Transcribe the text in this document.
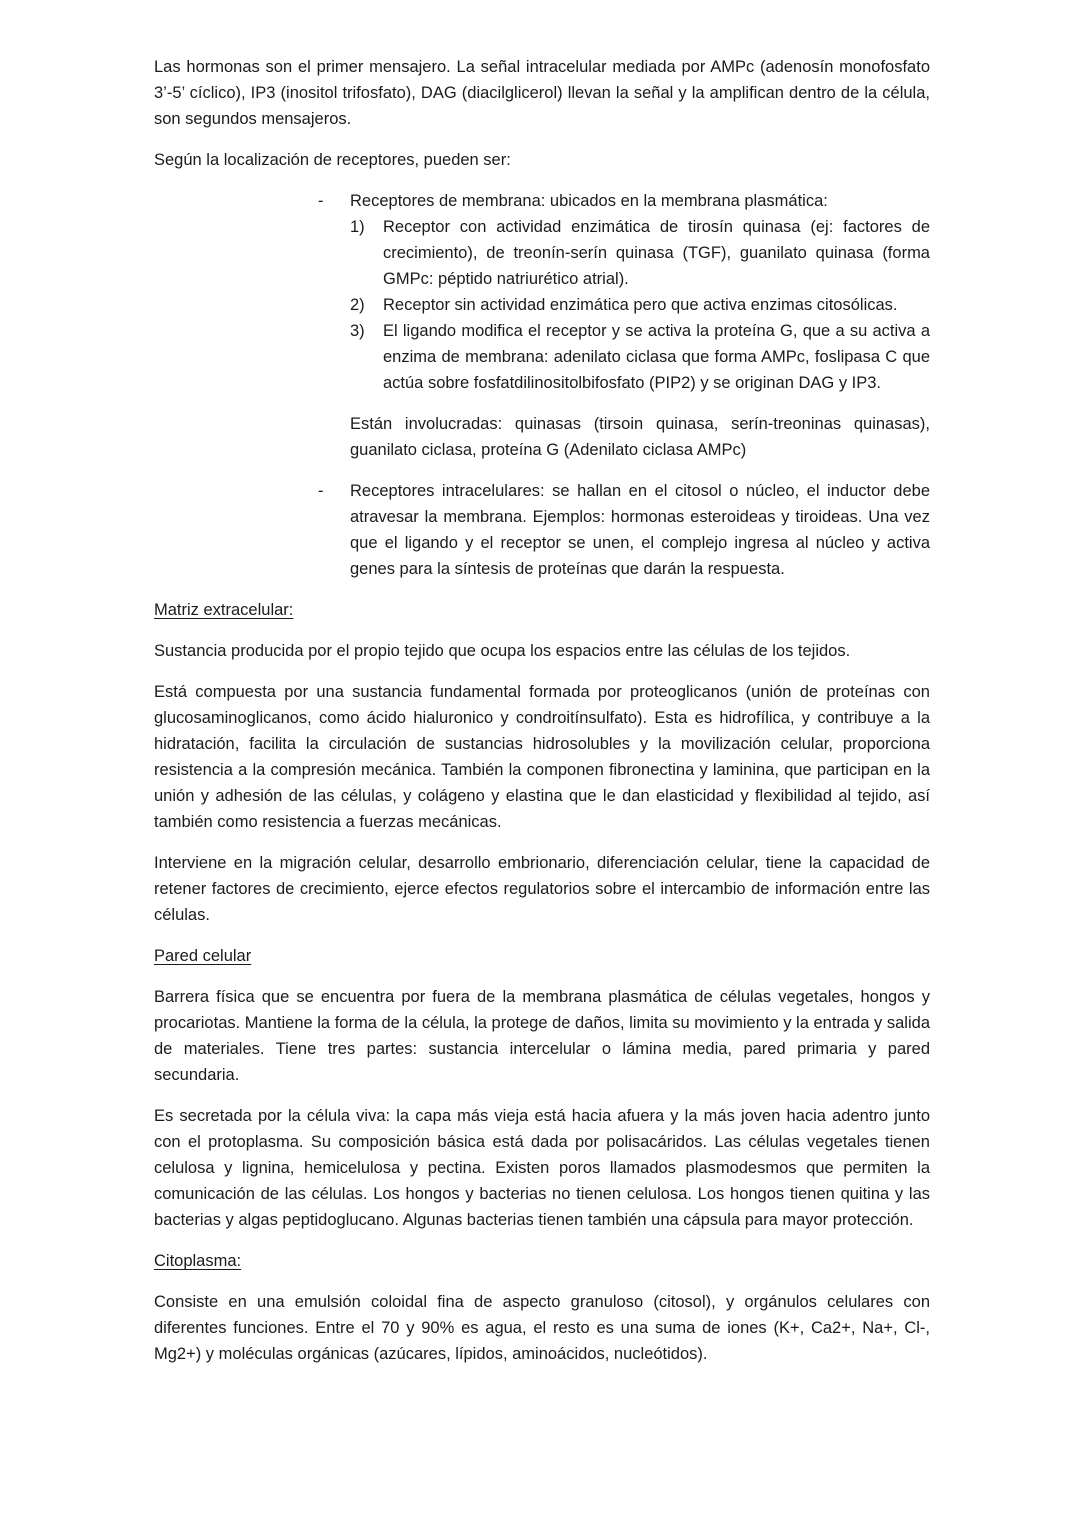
Las hormonas son el primer mensajero. La señal intracelular mediada por AMPc (adenosín monofosfato 3’-5’ cíclico), IP3 (inositol trifosfato), DAG (diacilglicerol) llevan la señal y la amplifican dentro de la célula, son segundos mensajeros.

Según la localización de receptores, pueden ser:

-	Receptores de membrana: ubicados en la membrana plasmática:

1)	Receptor con actividad enzimática de tirosín quinasa (ej: factores de crecimiento), de treonín-serín quinasa (TGF), guanilato quinasa (forma GMPc: péptido natriurético atrial).

2)	Receptor sin actividad enzimática pero que activa enzimas citosólicas.

3)	El ligando modifica el receptor y se activa la proteína G, que a su activa a enzima de membrana: adenilato ciclasa que forma AMPc, foslipasa C que actúa sobre fosfatdilinositolbifosfato (PIP2) y se originan DAG y IP3.

Están involucradas: quinasas (tirsoin quinasa, serín-treoninas quinasas), guanilato ciclasa, proteína G (Adenilato ciclasa AMPc)

-	Receptores intracelulares: se hallan en el citosol o núcleo, el inductor debe atravesar la membrana. Ejemplos: hormonas esteroideas y tiroideas. Una vez que el ligando y el receptor se unen, el complejo ingresa al núcleo y activa genes para la síntesis de proteínas que darán la respuesta.

Matriz extracelular:

Sustancia producida por el propio tejido que ocupa los espacios entre las células de los tejidos.

Está compuesta por una sustancia fundamental formada por proteoglicanos (unión de proteínas con glucosaminoglicanos, como ácido hialuronico y condroitínsulfato). Esta es hidrofílica, y contribuye a la hidratación, facilita la circulación de sustancias hidrosolubles y la movilización celular, proporciona resistencia a la compresión mecánica. También la componen fibronectina y laminina, que participan en la unión y adhesión de las células, y colágeno y elastina que le dan elasticidad y flexibilidad al tejido, así también como resistencia a fuerzas mecánicas.

Interviene en la migración celular, desarrollo embrionario, diferenciación celular, tiene la capacidad de retener factores de crecimiento, ejerce efectos regulatorios sobre el intercambio de información entre las células.

Pared celular

Barrera física que se encuentra por fuera de la membrana plasmática de células vegetales, hongos y procariotas. Mantiene la forma de la célula, la protege de daños, limita su movimiento y la entrada y salida de materiales. Tiene tres partes: sustancia intercelular o lámina media, pared primaria y pared secundaria.

Es secretada por la célula viva: la capa más vieja está hacia afuera y la más joven hacia adentro junto con el protoplasma. Su composición básica está dada por polisacáridos. Las células vegetales tienen celulosa y lignina, hemicelulosa y pectina. Existen poros llamados plasmodesmos que permiten la comunicación de las células. Los hongos y bacterias no tienen celulosa. Los hongos tienen quitina y las bacterias y algas peptidoglucano. Algunas bacterias tienen también una cápsula para mayor protección.

Citoplasma:

Consiste en una emulsión coloidal fina de aspecto granuloso (citosol), y orgánulos celulares con diferentes funciones. Entre el 70 y 90% es agua, el resto es una suma de iones (K+, Ca2+, Na+, Cl-, Mg2+) y moléculas orgánicas (azúcares, lípidos, aminoácidos, nucleótidos).
